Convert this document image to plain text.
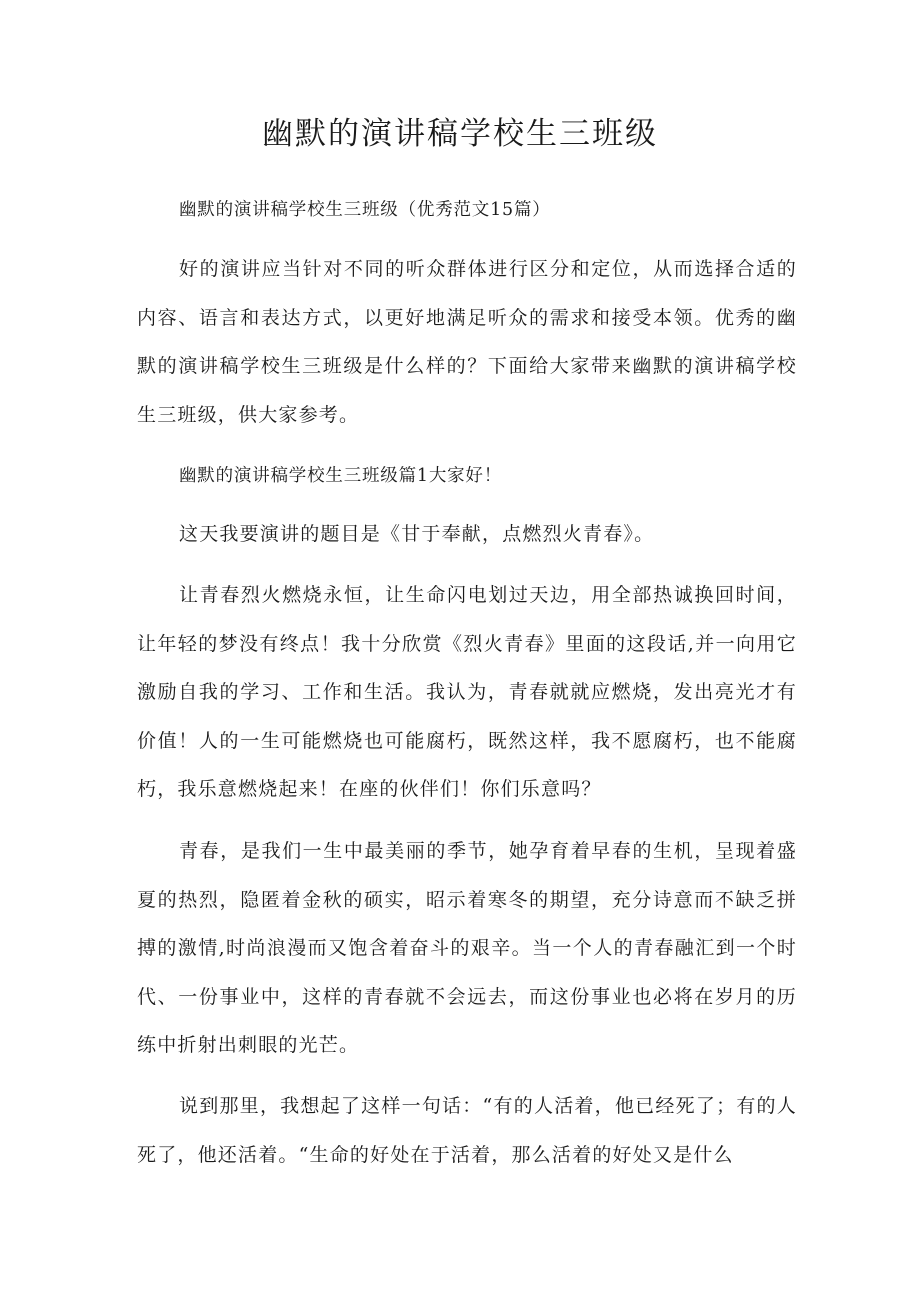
幽默的演讲稿学校生三班级

幽默的演讲稿学校生三班级（优秀范文15篇）

好的演讲应当针对不同的听众群体进行区分和定位，从而选择合适的内容、语言和表达方式，以更好地满足听众的需求和接受本领。优秀的幽默的演讲稿学校生三班级是什么样的？下面给大家带来幽默的演讲稿学校生三班级，供大家参考。

幽默的演讲稿学校生三班级篇1大家好！

这天我要演讲的题目是《甘于奉献，点燃烈火青春》。

让青春烈火燃烧永恒，让生命闪电划过天边，用全部热诚换回时间，让年轻的梦没有终点！我十分欣赏《烈火青春》里面的这段话,并一向用它激励自我的学习、工作和生活。我认为，青春就就应燃烧，发出亮光才有价值！人的一生可能燃烧也可能腐朽，既然这样，我不愿腐朽，也不能腐朽，我乐意燃烧起来！在座的伙伴们！你们乐意吗？

青春，是我们一生中最美丽的季节，她孕育着早春的生机，呈现着盛夏的热烈，隐匿着金秋的硕实，昭示着寒冬的期望，充分诗意而不缺乏拼搏的激情,时尚浪漫而又饱含着奋斗的艰辛。当一个人的青春融汇到一个时代、一份事业中，这样的青春就不会远去，而这份事业也必将在岁月的历练中折射出刺眼的光芒。

说到那里，我想起了这样一句话：“有的人活着，他已经死了；有的人死了，他还活着。“生命的好处在于活着，那么活着的好处又是什么
